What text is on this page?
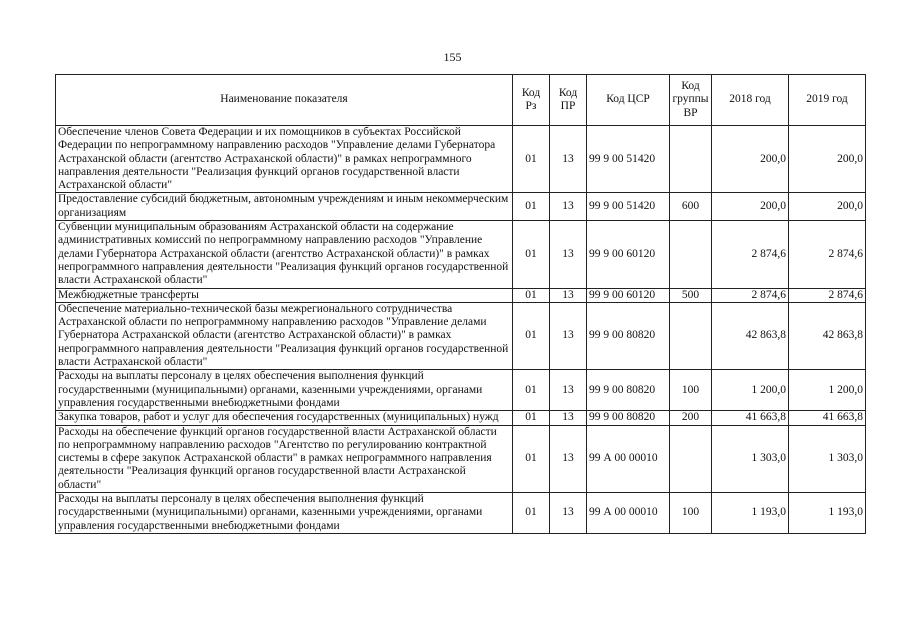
155
Наименование показателя	Код Рз	Код ПР	Код ЦСР	Код группы ВР	2018 год	2019 год
Обеспечение членов Совета Федерации и их помощников в субъектах Российской Федерации по непрограммному направлению расходов "Управление делами Губернатора Астраханской области (агентство Астраханской области)" в рамках непрограммного направления деятельности "Реализация функций органов государственной власти Астраханской области"	01	13	99 9 00 51420		200,0	200,0
Предоставление субсидий бюджетным, автономным учреждениям и иным некоммерческим организациям	01	13	99 9 00 51420	600	200,0	200,0
Субвенции муниципальным образованиям Астраханской области на содержание административных комиссий по непрограммному направлению расходов "Управление делами Губернатора Астраханской области (агентство Астраханской области)" в рамках непрограммного направления деятельности "Реализация функций органов государственной власти Астраханской области"	01	13	99 9 00 60120		2 874,6	2 874,6
Межбюджетные трансферты	01	13	99 9 00 60120	500	2 874,6	2 874,6
Обеспечение материально-технической базы межрегионального сотрудничества Астраханской области по непрограммному направлению расходов "Управление делами Губернатора Астраханской области (агентство Астраханской области)" в рамках непрограммного направления деятельности "Реализация функций органов государственной власти Астраханской области"	01	13	99 9 00 80820		42 863,8	42 863,8
Расходы на выплаты персоналу в целях обеспечения выполнения функций государственными (муниципальными) органами, казенными учреждениями, органами управления государственными внебюджетными фондами	01	13	99 9 00 80820	100	1 200,0	1 200,0
Закупка товаров, работ и услуг для обеспечения государственных (муниципальных) нужд	01	13	99 9 00 80820	200	41 663,8	41 663,8
Расходы на обеспечение функций органов государственной власти Астраханской области по непрограммному направлению расходов "Агентство по регулированию контрактной системы в сфере закупок Астраханской области" в рамках непрограммного направления деятельности "Реализация функций органов государственной власти Астраханской области"	01	13	99 А 00 00010		1 303,0	1 303,0
Расходы на выплаты персоналу в целях обеспечения выполнения функций государственными (муниципальными) органами, казенными учреждениями, органами управления государственными внебюджетными фондами	01	13	99 А 00 00010	100	1 193,0	1 193,0
